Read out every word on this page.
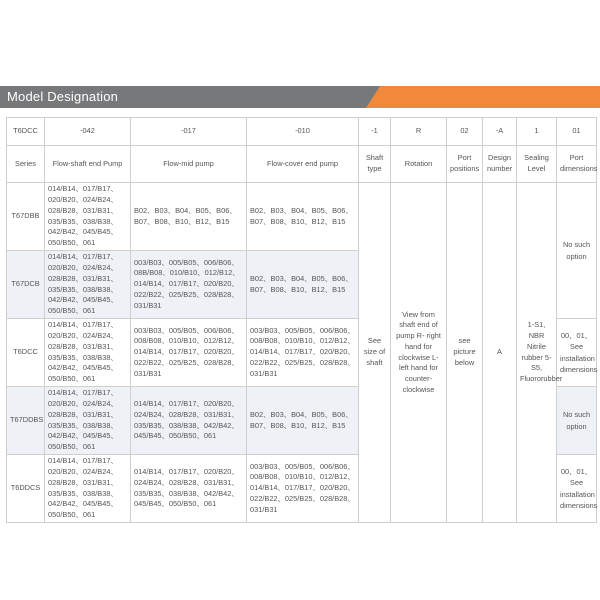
Model Designation
T6DCC	-042	-017	-010	-1	R	02	-A	1	01
Series	Flow-shaft end Pump	Flow-mid pump	Flow-cover end pump	Shaft type	Rotation	Port positions	Design number	Sealing Level	Port dimensions
T67DBB	014/B14、017/B17、020/B20、024/B24、028/B28、031/B31、035/B35、038/B38、042/B42、045/B45、050/B50、061	B02、B03、B04、B05、B06、B07、B08、B10、B12、B15	B02、B03、B04、B05、B06、B07、B08、B10、B12、B15	See size of shaft	View from shaft end of pump R- right hand for clockwise L- left hand for counter-clockwise	see picture below	A	1-S1, NBR Nitrile rubber 5-S5, Fluororubber	No such option
T67DCB	014/B14、017/B17、020/B20、024/B24、028/B28、031/B31、035/B35、038/B38、042/B42、045/B45、050/B50、061	003/B03、005/B05、006/B06、08B/B08、010/B10、012/B12、014/B14、017/B17、020/B20、022/B22、025/B25、028/B28、031/B31	B02、B03、B04、B05、B06、B07、B08、B10、B12、B15						
T6DCC	014/B14、017/B17、020/B20、024/B24、028/B28、031/B31、035/B35、038/B38、042/B42、045/B45、050/B50、061	003/B03、005/B05、006/B06、008/B08、010/B10、012/B12、014/B14、017/B17、020/B20、022/B22、025/B25、028/B28、031/B31	003/B03、005/B05、006/B06、008/B08、010/B10、012/B12、014/B14、017/B17、020/B20、022/B22、025/B25、028/B28、031/B31						00、01、See installation dimensions
T67DDBS	014/B14、017/B17、020/B20、024/B24、028/B28、031/B31、035/B35、038/B38、042/B42、045/B45、050/B50、061	014/B14、017/B17、020/B20、024/B24、028/B28、031/B31、035/B35、038/B38、042/B42、045/B45、050/B50、061	B02、B03、B04、B05、B06、B07、B08、B10、B12、B15						No such option
T6DDCS	014/B14、017/B17、020/B20、024/B24、028/B28、031/B31、035/B35、038/B38、042/B42、045/B45、050/B50、061	014/B14、017/B17、020/B20、024/B24、028/B28、031/B31、035/B35、038/B38、042/B42、045/B45、050/B50、061	003/B03、005/B05、006/B06、008/B08、010/B10、012/B12、014/B14、017/B17、020/B20、022/B22、025/B25、028/B28、031/B31						00、01、See installation dimensions
